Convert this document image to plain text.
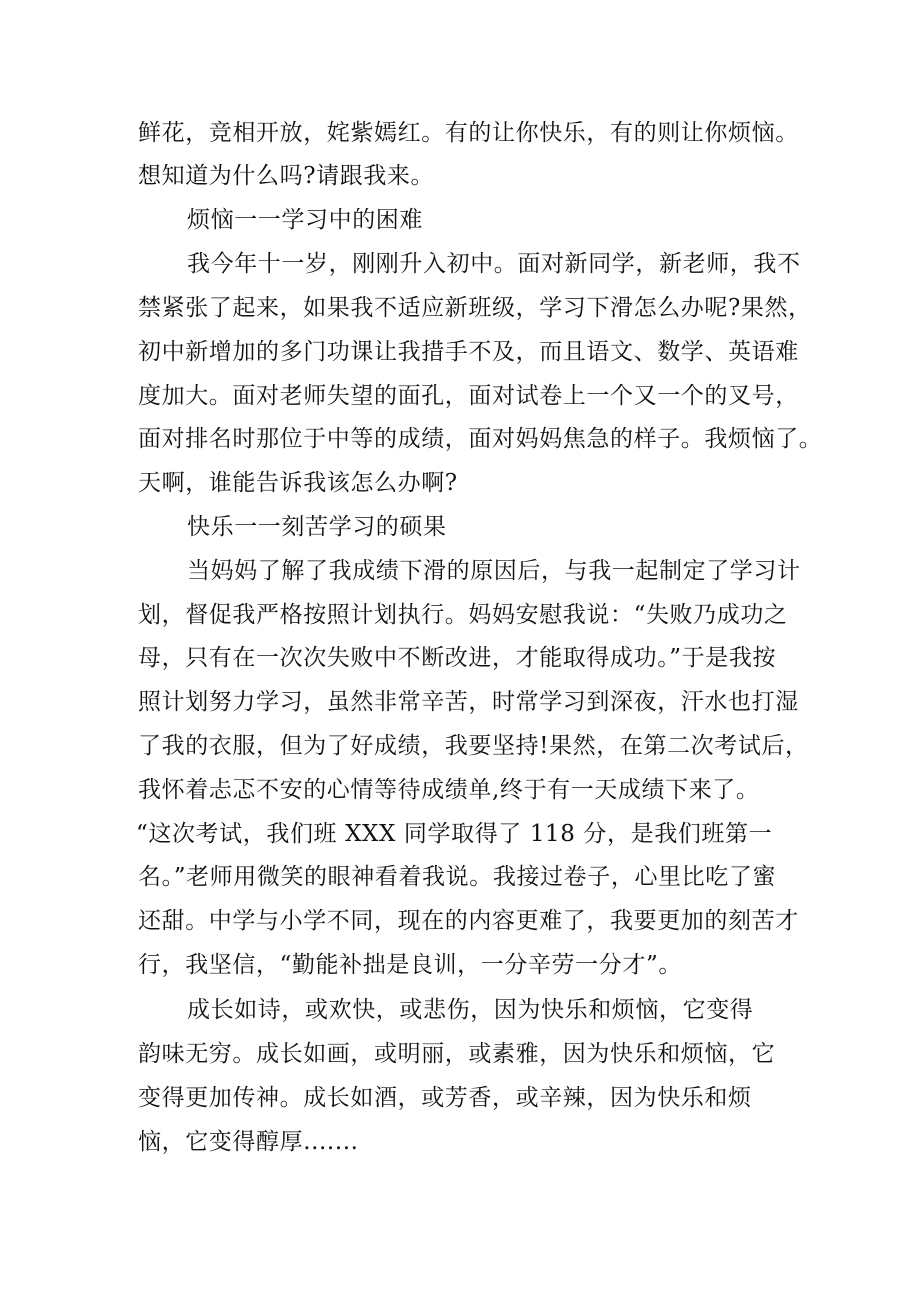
鲜花，竞相开放，姹紫嫣红。有的让你快乐，有的则让你烦恼。
想知道为什么吗?请跟我来。
烦恼一一学习中的困难
我今年十一岁，刚刚升入初中。面对新同学，新老师，我不
禁紧张了起来，如果我不适应新班级，学习下滑怎么办呢?果然，
初中新增加的多门功课让我措手不及，而且语文、数学、英语难
度加大。面对老师失望的面孔，面对试卷上一个又一个的叉号，
面对排名时那位于中等的成绩，面对妈妈焦急的样子。我烦恼了。
天啊，谁能告诉我该怎么办啊?
快乐一一刻苦学习的硕果
当妈妈了解了我成绩下滑的原因后，与我一起制定了学习计
划，督促我严格按照计划执行。妈妈安慰我说：“失败乃成功之
母，只有在一次次失败中不断改进，才能取得成功。”于是我按
照计划努力学习，虽然非常辛苦，时常学习到深夜，汗水也打湿
了我的衣服，但为了好成绩，我要坚持!果然，在第二次考试后，
我怀着忐忑不安的心情等待成绩单,终于有一天成绩下来了。
“这次考试，我们班 XXX 同学取得了 118 分，是我们班第一
名。”老师用微笑的眼神看着我说。我接过卷子，心里比吃了蜜
还甜。中学与小学不同，现在的内容更难了，我要更加的刻苦才
行，我坚信，“勤能补拙是良训，一分辛劳一分才”。
成长如诗，或欢快，或悲伤，因为快乐和烦恼，它变得
韵味无穷。成长如画，或明丽，或素雅，因为快乐和烦恼，它
变得更加传神。成长如酒，或芳香，或辛辣，因为快乐和烦
恼，它变得醇厚.......
